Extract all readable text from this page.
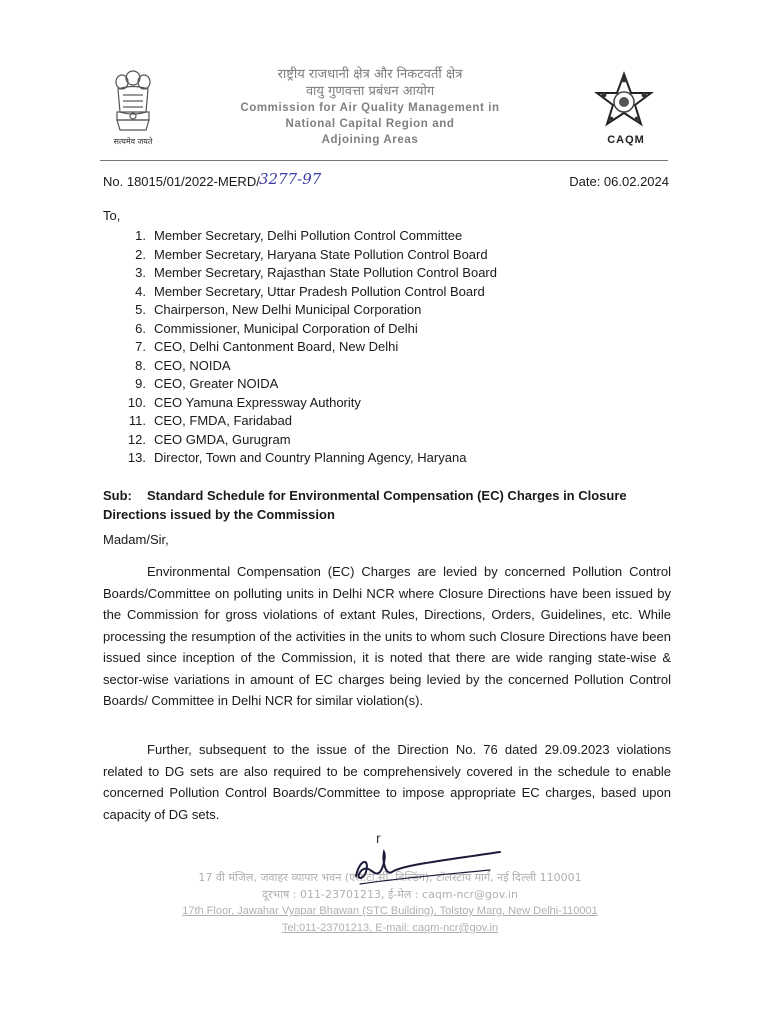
सत्यमेव जयते
राष्ट्रीय राजधानी क्षेत्र और निकटवर्ती क्षेत्र
वायु गुणवत्ता प्रबंधन आयोग
Commission for Air Quality Management in
National Capital Region and
Adjoining Areas	CAQM
No. 18015/01/2022-MERD/ 3277-97	Date: 06.02.2024
To,
1. Member Secretary, Delhi Pollution Control Committee
2. Member Secretary, Haryana State Pollution Control Board
3. Member Secretary, Rajasthan State Pollution Control Board
4. Member Secretary, Uttar Pradesh Pollution Control Board
5. Chairperson, New Delhi Municipal Corporation
6. Commissioner, Municipal Corporation of Delhi
7. CEO, Delhi Cantonment Board, New Delhi
8. CEO, NOIDA
9. CEO, Greater NOIDA
10. CEO Yamuna Expressway Authority
11. CEO, FMDA, Faridabad
12. CEO GMDA, Gurugram
13. Director, Town and Country Planning Agency, Haryana
Sub: Standard Schedule for Environmental Compensation (EC) Charges in Closure Directions issued by the Commission
Madam/Sir,

Environmental Compensation (EC) Charges are levied by concerned Pollution Control Boards/Committee on polluting units in Delhi NCR where Closure Directions have been issued by the Commission for gross violations of extant Rules, Directions, Orders, Guidelines, etc. While processing the resumption of the activities in the units to whom such Closure Directions have been issued since inception of the Commission, it is noted that there are wide ranging state-wise & sector-wise variations in amount of EC charges being levied by the concerned Pollution Control Boards/ Committee in Delhi NCR for similar violation(s).

Further, subsequent to the issue of the Direction No. 76 dated 29.09.2023 violations related to DG sets are also required to be comprehensively covered in the schedule to enable concerned Pollution Control Boards/Committee to impose appropriate EC charges, based upon capacity of DG sets.

r
17 वी मंजिल, जवाहर व्यापार भवन (एस.टी.सी. बिल्डिंग), टॉलस्टॉय मार्ग, नई दिल्ली 110001
दूरभाष : 011-23701213, ई-मेल : caqm-ncr@gov.in
17th Floor, Jawahar Vyapar Bhawan (STC Building), Tolstoy Marg, New Delhi-110001
Tel:011-23701213, E-mail: caqm-ncr@gov.in
